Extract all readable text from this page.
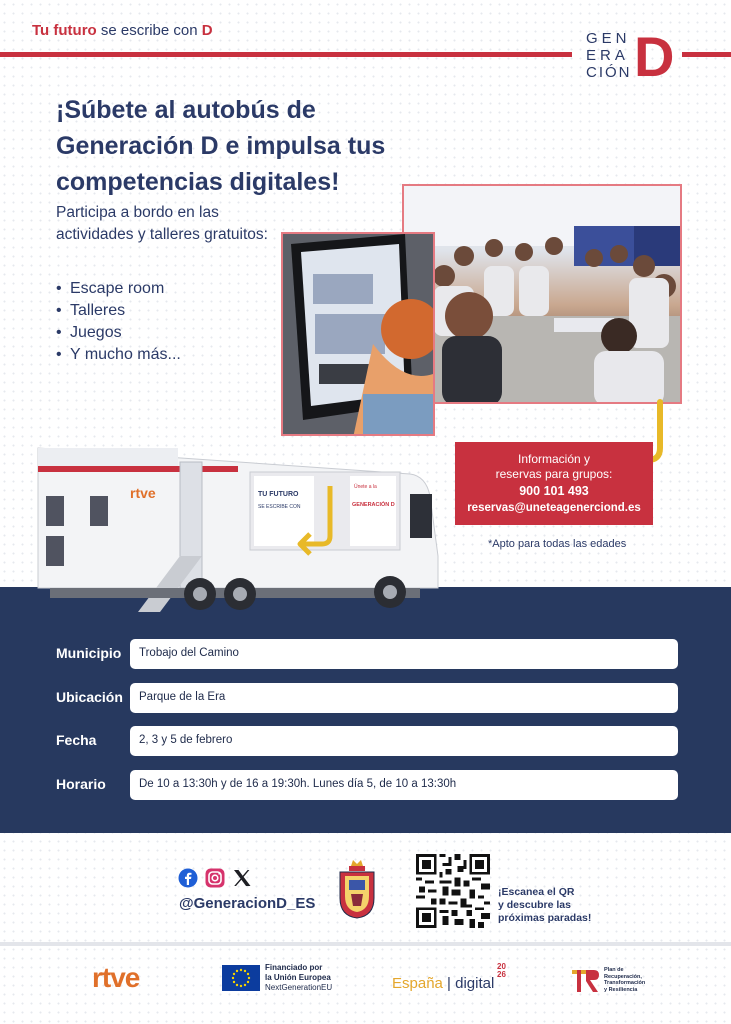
Tu futuro se escribe con D	GEN
ERA
CIÓN D
¡Súbete al autobús de Generación D e impulsa tus competencias digitales!

Participa a bordo en las actividades y talleres gratuitos:

• Escape room
• Talleres
• Juegos
• Y mucho más...
Información y
reservas para grupos:
900 101 493
reservas@uneteagenerciond.es
*Apto para todas las edades
rtve	TU FUTURO
SE ESCRIBE CON
Únete a la
GENERACIÓN D
Municipio	Trobajo del Camino
Ubicación	Parque de la Era
Fecha	2, 3 y 5 de febrero
Horario	De 10 a 13:30h y de 16 a 19:30h. Lunes día 5, de 10 a 13:30h
@GeneracionD_ES
¡Escanea el QR
y descubre las
próximas paradas!
rtve	Financiado por
la Unión Europea
NextGenerationEU	España | digital
20
26	Plan de
Recuperación,
Transformación
y Resiliencia
